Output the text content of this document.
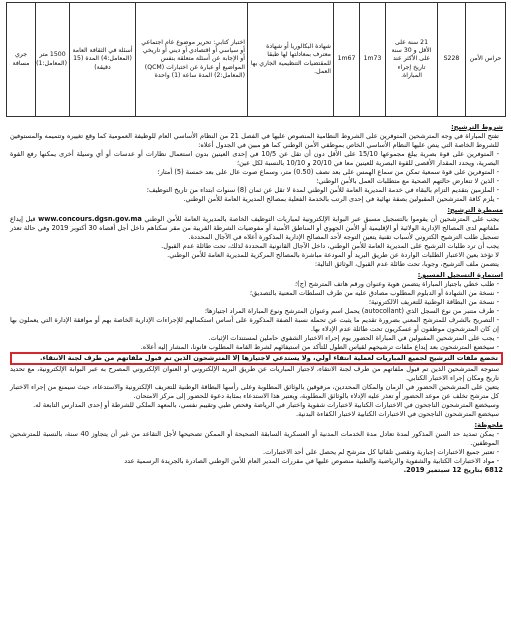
حراس الأمن	S228	21 سنة على الأقل و 30 سنة على الأكثر عند تاريخ إجراء المباراة.	1m73	1m67	شهادة البكالوريا أو شهادة معترف بمعادلتها لها طبقا للمقتضيات التنظيمية الجاري بها العمل.	اختبار كتابي: تحرير موضوع عام اجتماعي أو سياسي أو اقتصادي أو ديني أو تاريخي أو الإجابة عن أسئلة متعلقة بنفس المواضيع أو عبارة عن اختبارات (QCM) (المعامل:2) المدة ساعة (1) واحدة	أسئلة في الثقافة العامة (المعامل:4) المدة (15 دقيقة)	1500 متر (المعامل:1)	جري مسافة

شروط الترشيح:

تفتح المباراة في وجه المترشحين المتوفرين على الشروط النظامية المنصوص عليها في الفصل 21 من النظام الأساسي العام للوظيفة العمومية كما وقع تغييره وتتميمه والمستوفين للشروط الخاصة التي ينص عليها النظام الأساسي الخاص بموظفي الأمن الوطني كما هو مبين في الجدول أعلاه:

- المتوفرين على قوة بصرية يبلغ مجموعها 15/10 على الأقل دون أن تقل عن 10/5 في إحدى العينين بدون استعمال نظارات أو عدسات أو أي وسيلة أخرى يمكنها رفع القوة البصرية، ويحدد المقدار الأقصى للقوة البصرية للعينين معا في 20/10 و 10/10 بالنسبة لكل عين؛

- المتوفرين على قوة سمعية تمكن من سماع الهمس على بعد نصف (0.50) متر، وسماع صوت عال على بعد خمسة (5) أمتار؛

- الذين لا تتعارض حالتهم الصحية مع متطلبات العمل بالأمن الوطني؛

- الملزمين بتقديم التزام بالبقاء في خدمة المديرية العامة للأمن الوطني لمدة لا تقل عن ثمان (8) سنوات ابتداء من تاريخ التوظيف؛

- يلزم كافة المترشحين المقبولين بصفة نهائية في إحدى الرتب بالخدمة الفعلية بمصالح المديرية العامة للأمن الوطني.

مسطرة الترشيح:

يجب على المترشحين أن يقوموا بالتسجيل مسبق عبر البوابة الإلكترونية لمباريات التوظيف الخاصة بالمديرية العامة للأمن الوطني www.concours.dgsn.gov.ma قبل إيداع ملفاتهم لدى المصالح الإدارية الولائية أو الإقليمية أو الأمن الجهوي أو المناطق الأمنية أو مفوضيات الشرطة القريبة من مقر سكناهم داخل أجل أقصاه 30 أكتوبر 2019 وفي حالة تعذر تسجيل طلب الترشيح الكتروني لأسباب تقنية يتعين التوجه لأحد المصالح الإدارية المذكورة أعلاه في الآجال المحددة.

يجب أن ترد طلبات الترشيح على المديرية العامة للأمن الوطني، داخل الآجال القانونية المحددة لذلك، تحت طائلة عدم القبول.

لا تؤخذ بعين الاعتبار الطلبات الواردة عن طريق البريد أو المودعة مباشرة بالمصالح المركزية للمديرية العامة للأمن الوطني.

يتضمن ملف الترشيح، وجوبا، تحت طائلة عدم القبول، الوثائق التالية:

استمارة التسجيل المسبق:

- طلب خطي باجتياز المباراة يتضمن هوية وعنوان ورقم هاتف المترشح (ج)؛

- نسخة من الشهادة أو الدبلوم المطلوب مصادق عليه من طرف السلطات المعنية بالتصديق؛

- نسخة من البطاقة الوطنية للتعريف الالكترونية؛

- ظرف متنبر من نوع السجل الذي (autocollant) يحمل اسم وعنوان المترشح ونوع المباراة المراد اجتيازها؛

- التصريح بالشرف للمترشح المعني بضرورة تقديم ما يثبت عن تحمله نسبة الصفة المذكورة على أساس استكمالهم للإجراءات الإدارية الخاصة بهم أو موافقة الإدارة التي يعملون بها إن كان المترشحون موظفون أو عسكريون تحت طائلة عدم الإدلاء بها.

- يجب على المترشحين المقبولين في المباراة الحضور يوم إجراء الاختبار الشفوي حاملين لمستندات الإثبات.

- سيخضع المترشحون بعد إيداع ملفات ترشيحهم لقياس الطول للتأكد من استيفائهم لشرط القامة المطلوب قانونا، المشار إليه أعلاه.

تخضع ملفات الترشيح لجميع المباريات لعملية انتقاء أولي، ولا يستدعي لاجتيازها إلا المترشحون الذين تم قبول ملفاتهم من طرف لجنة الانتقاء.

ستوجه المترشحين الذين تم قبول ملفاتهم من طرف لجنة الانتقاء، لاجتياز المباريات عن طريق البريد الإلكتروني أو العنوان الإلكتروني المصرح به عبر البوابة الإلكترونية، مع تحديد تاريخ ومكان إجراء الاختبار الكتابي.

يتعين على المترشحين الحضور في الزمان والمكان المحددين، مرفوقين بالوثائق المطلوبة وعلى رأسها البطاقة الوطنية للتعريف الإلكترونية والاستدعاء، حيث سيمنع من إجراء الاختبار كل مترشح تخلف عن موعد الحضور أو تعذر عليه الإدلاء بالوثائق المطلوبة، ويعتبر هذا الاستدعاء بمثابة دعوة للحضور إلى مركز الامتحان.

وسيخضع المترشحون الناجحون في الاختبارات الكتابية لاختبارات شفوية واختبار في الرياضة وفحص طبي وتقييم نفسي، بالمعهد الملكي للشرطة أو إحدى المدارس التابعة له.

سيخضع المترشحون الناجحون في الاختبارات الكتابية لاختبار الكفاءة البدنية.

ملحوظة:

- يمكن تمديد حد السن المذكور لمدة تعادل مدة الخدمات المدنية أو العسكرية السابقة الصحيحة أو الممكن تصحيحها لأجل التقاعد من غير أن يتجاوز 40 سنة، بالنسبة للمترشحين الموظفين.

- تعتبر جميع الاختبارات إجبارية وتقصي تلقائيا كل مترشح لم يحصل على أحد الاختبارات.

- مواد الاختبارات الكتابية والشفوية والرياضية والطبية منصوص عليها في مقررات المدير العام للأمن الوطني الصادرة بالجريدة الرسمية عدد

6812 بتاريخ 12 سبتمبر 2019.
